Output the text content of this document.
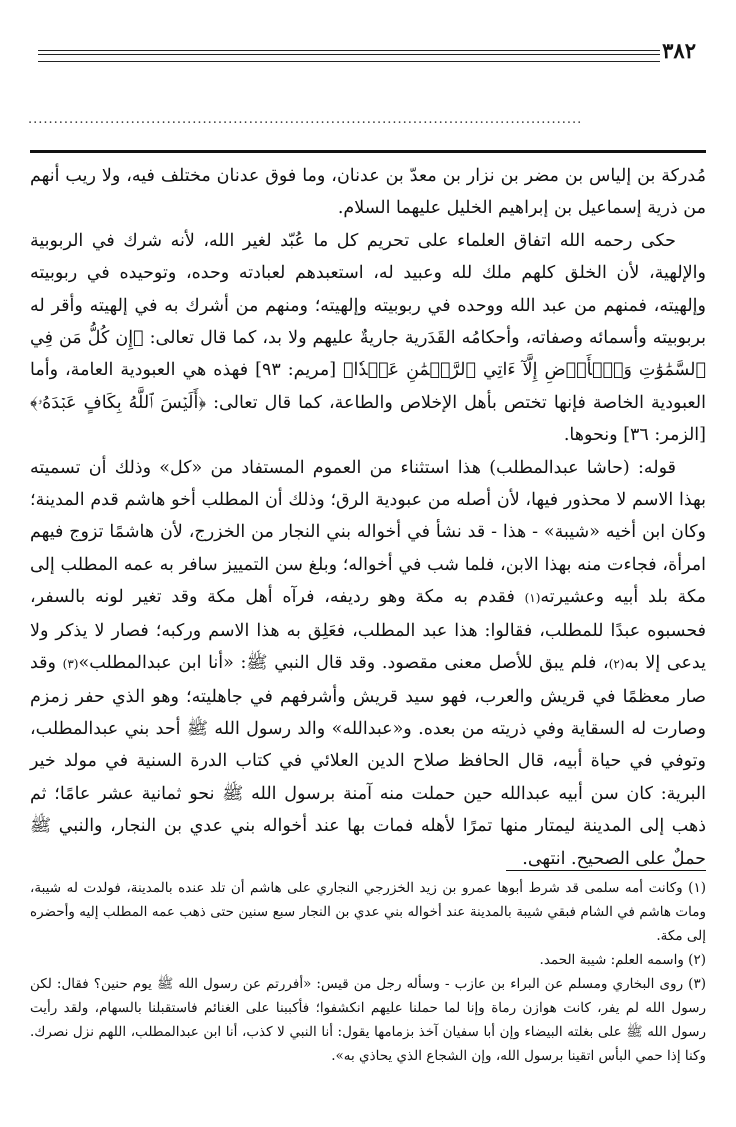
٣٨٢
............................................................................................................

مُدركة بن إلياس بن مضر بن نزار بن معدّ بن عدنان، وما فوق عدنان مختلف فيه، ولا ريب أنهم من ذرية إسماعيل بن إبراهيم الخليل عليهما السلام.

حكى رحمه الله اتفاق العلماء على تحريم كل ما عُبّد لغير الله، لأنه شرك في الربوبية والإلهية، لأن الخلق كلهم ملك لله وعبيد له، استعبدهم لعبادته وحده، وتوحيده في ربوبيته وإلهيته، فمنهم من عبد الله ووحده في ربوبيته وإلهيته؛ ومنهم من أشرك به في إلهيته وأقر له بربوبيته وأسمائه وصفاته، وأحكامُه القَدَرية جاريةٌ عليهم ولا بد، كما قال تعالى: ﴿إِن كُلُّ مَن فِي ٱلسَّمَٰوَٰتِ وَٱلۡأَرۡضِ إِلَّآ ءَاتِي ٱلرَّحۡمَٰنِ عَبۡدٗا﴾ [مريم: ٩٣] فهذه هي العبودية العامة، وأما العبودية الخاصة فإنها تختص بأهل الإخلاص والطاعة، كما قال تعالى: ﴿أَلَيۡسَ ٱللَّهُ بِكَافٍ عَبۡدَهُۥ﴾ [الزمر: ٣٦] ونحوها.

قوله: (حاشا عبدالمطلب) هذا استثناء من العموم المستفاد من «كل» وذلك أن تسميته بهذا الاسم لا محذور فيها، لأن أصله من عبودية الرق؛ وذلك أن المطلب أخو هاشم قدم المدينة؛ وكان ابن أخيه «شيبة» - هذا - قد نشأ في أخواله بني النجار من الخزرج، لأن هاشمًا تزوج فيهم امرأة، فجاءت منه بهذا الابن، فلما شب في أخواله؛ وبلغ سن التمييز سافر به عمه المطلب إلى مكة بلد أبيه وعشيرته(١) فقدم به مكة وهو رديفه، فرآه أهل مكة وقد تغير لونه بالسفر، فحسبوه عبدًا للمطلب، فقالوا: هذا عبد المطلب، فعَلِق به هذا الاسم وركبه؛ فصار لا يذكر ولا يدعى إلا به(٢)، فلم يبق للأصل معنى مقصود. وقد قال النبي ﷺ: «أنا ابن عبدالمطلب»(٣) وقد صار معظمًا في قريش والعرب، فهو سيد قريش وأشرفهم في جاهليته؛ وهو الذي حفر زمزم وصارت له السقاية وفي ذريته من بعده. و«عبدالله» والد رسول الله ﷺ أحد بني عبدالمطلب، وتوفي في حياة أبيه، قال الحافظ صلاح الدين العلائي في كتاب الدرة السنية في مولد خير البرية: كان سن أبيه عبدالله حين حملت منه آمنة برسول الله ﷺ نحو ثمانية عشر عامًا؛ ثم ذهب إلى المدينة ليمتار منها تمرًا لأهله فمات بها عند أخواله بني عدي بن النجار، والنبي ﷺ حملٌ على الصحيح. انتهى.

(١) وكانت أمه سلمى قد شرط أبوها عمرو بن زيد الخزرجي النجاري على هاشم أن تلد عنده بالمدينة، فولدت له شيبة، ومات هاشم في الشام فبقي شيبة بالمدينة عند أخواله بني عدي بن النجار سبع سنين حتى ذهب عمه المطلب إليه وأحضره إلى مكة.

(٢) واسمه العلم: شيبة الحمد.

(٣) روى البخاري ومسلم عن البراء بن عازب - وسأله رجل من قيس: «أفررتم عن رسول الله ﷺ يوم حنين؟ فقال: لكن رسول الله لم يفر، كانت هوازن رماة وإنا لما حملنا عليهم انكشفوا؛ فأكببنا على الغنائم فاستقبلنا بالسهام، ولقد رأيت رسول الله ﷺ على بغلته البيضاء وإن أبا سفيان آخذ بزمامها يقول: أنا النبي لا كذب، أنا ابن عبدالمطلب، اللهم نزل نصرك. وكنا إذا حمي البأس اتقينا برسول الله، وإن الشجاع الذي يحاذي به».
